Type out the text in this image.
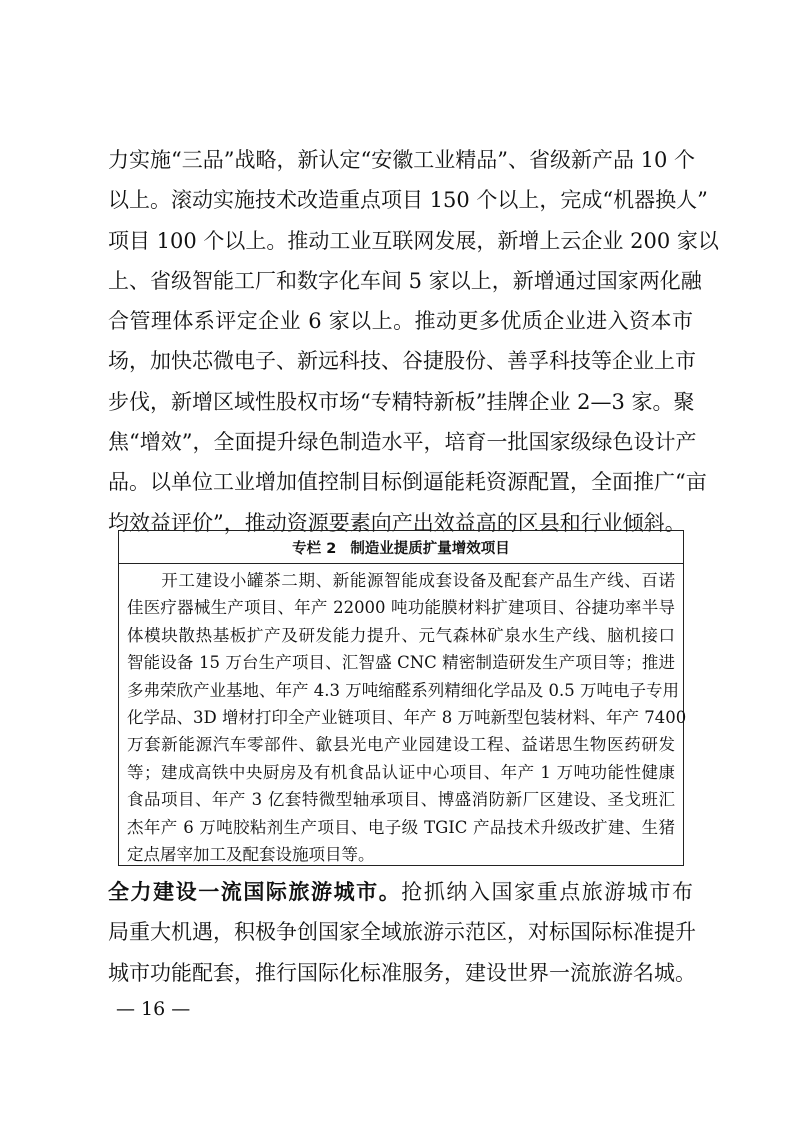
力实施“三品”战略，新认定“安徽工业精品”、省级新产品 10 个
以上。滚动实施技术改造重点项目 150 个以上，完成“机器换人”
项目 100 个以上。推动工业互联网发展，新增上云企业 200 家以
上、省级智能工厂和数字化车间 5 家以上，新增通过国家两化融
合管理体系评定企业 6 家以上。推动更多优质企业进入资本市
场，加快芯微电子、新远科技、谷捷股份、善孚科技等企业上市
步伐，新增区域性股权市场“专精特新板”挂牌企业 2—3 家。聚
焦“增效”，全面提升绿色制造水平，培育一批国家级绿色设计产
品。以单位工业增加值控制目标倒逼能耗资源配置，全面推广“亩
均效益评价”，推动资源要素向产出效益高的区县和行业倾斜。
专栏 2 制造业提质扩量增效项目
　　开工建设小罐茶二期、新能源智能成套设备及配套产品生产线、百诺
佳医疗器械生产项目、年产 22000 吨功能膜材料扩建项目、谷捷功率半导
体模块散热基板扩产及研发能力提升、元气森林矿泉水生产线、脑机接口
智能设备 15 万台生产项目、汇智盛 CNC 精密制造研发生产项目等；推进
多弗荣欣产业基地、年产 4.3 万吨缩醛系列精细化学品及 0.5 万吨电子专用
化学品、3D 增材打印全产业链项目、年产 8 万吨新型包装材料、年产 7400
万套新能源汽车零部件、歙县光电产业园建设工程、益诺思生物医药研发
等；建成高铁中央厨房及有机食品认证中心项目、年产 1 万吨功能性健康
食品项目、年产 3 亿套特微型轴承项目、博盛消防新厂区建设、圣戈班汇
杰年产 6 万吨胶粘剂生产项目、电子级 TGIC 产品技术升级改扩建、生猪
定点屠宰加工及配套设施项目等。
全力建设一流国际旅游城市。抢抓纳入国家重点旅游城市布
局重大机遇，积极争创国家全域旅游示范区，对标国际标准提升
城市功能配套，推行国际化标准服务，建设世界一流旅游名城。
— 16 —
